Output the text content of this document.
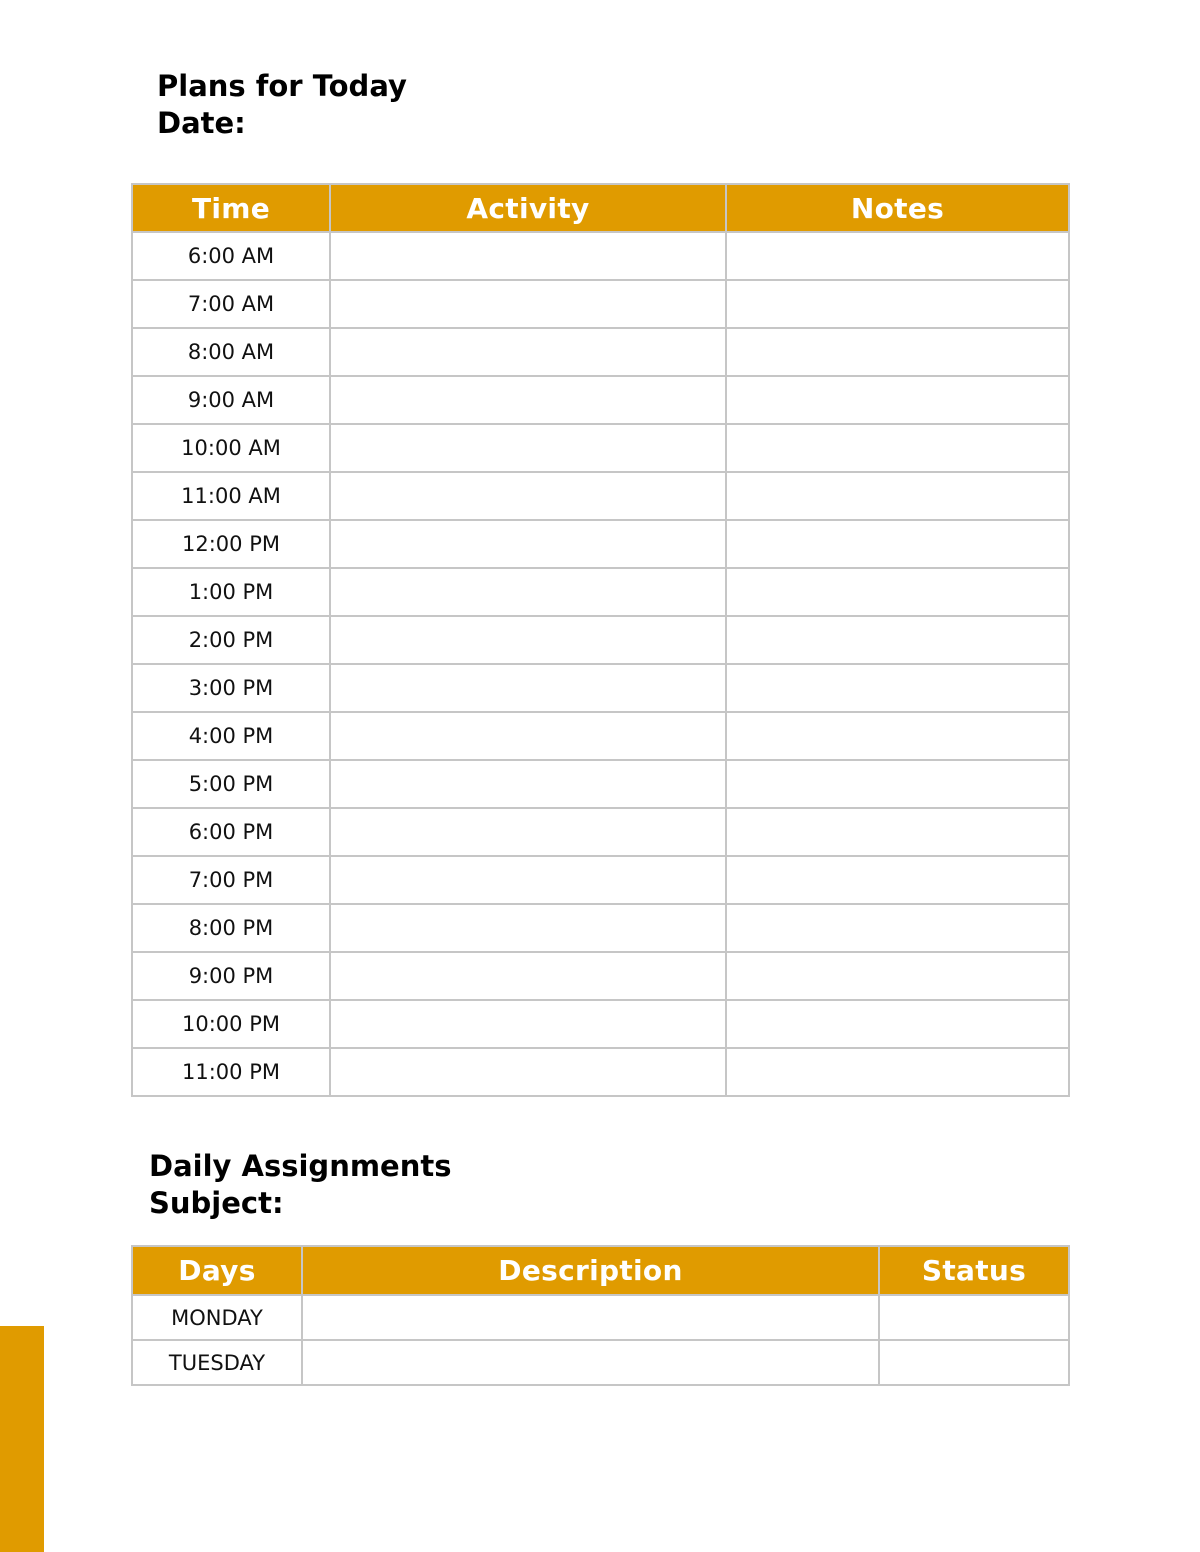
Plans for Today
Date:
Time	Activity	Notes
6:00 AM		
7:00 AM		
8:00 AM		
9:00 AM		
10:00 AM		
11:00 AM		
12:00 PM		
1:00 PM		
2:00 PM		
3:00 PM		
4:00 PM		
5:00 PM		
6:00 PM		
7:00 PM		
8:00 PM		
9:00 PM		
10:00 PM		
11:00 PM		
Daily Assignments
Subject:
Days	Description	Status
MONDAY		
TUESDAY		
